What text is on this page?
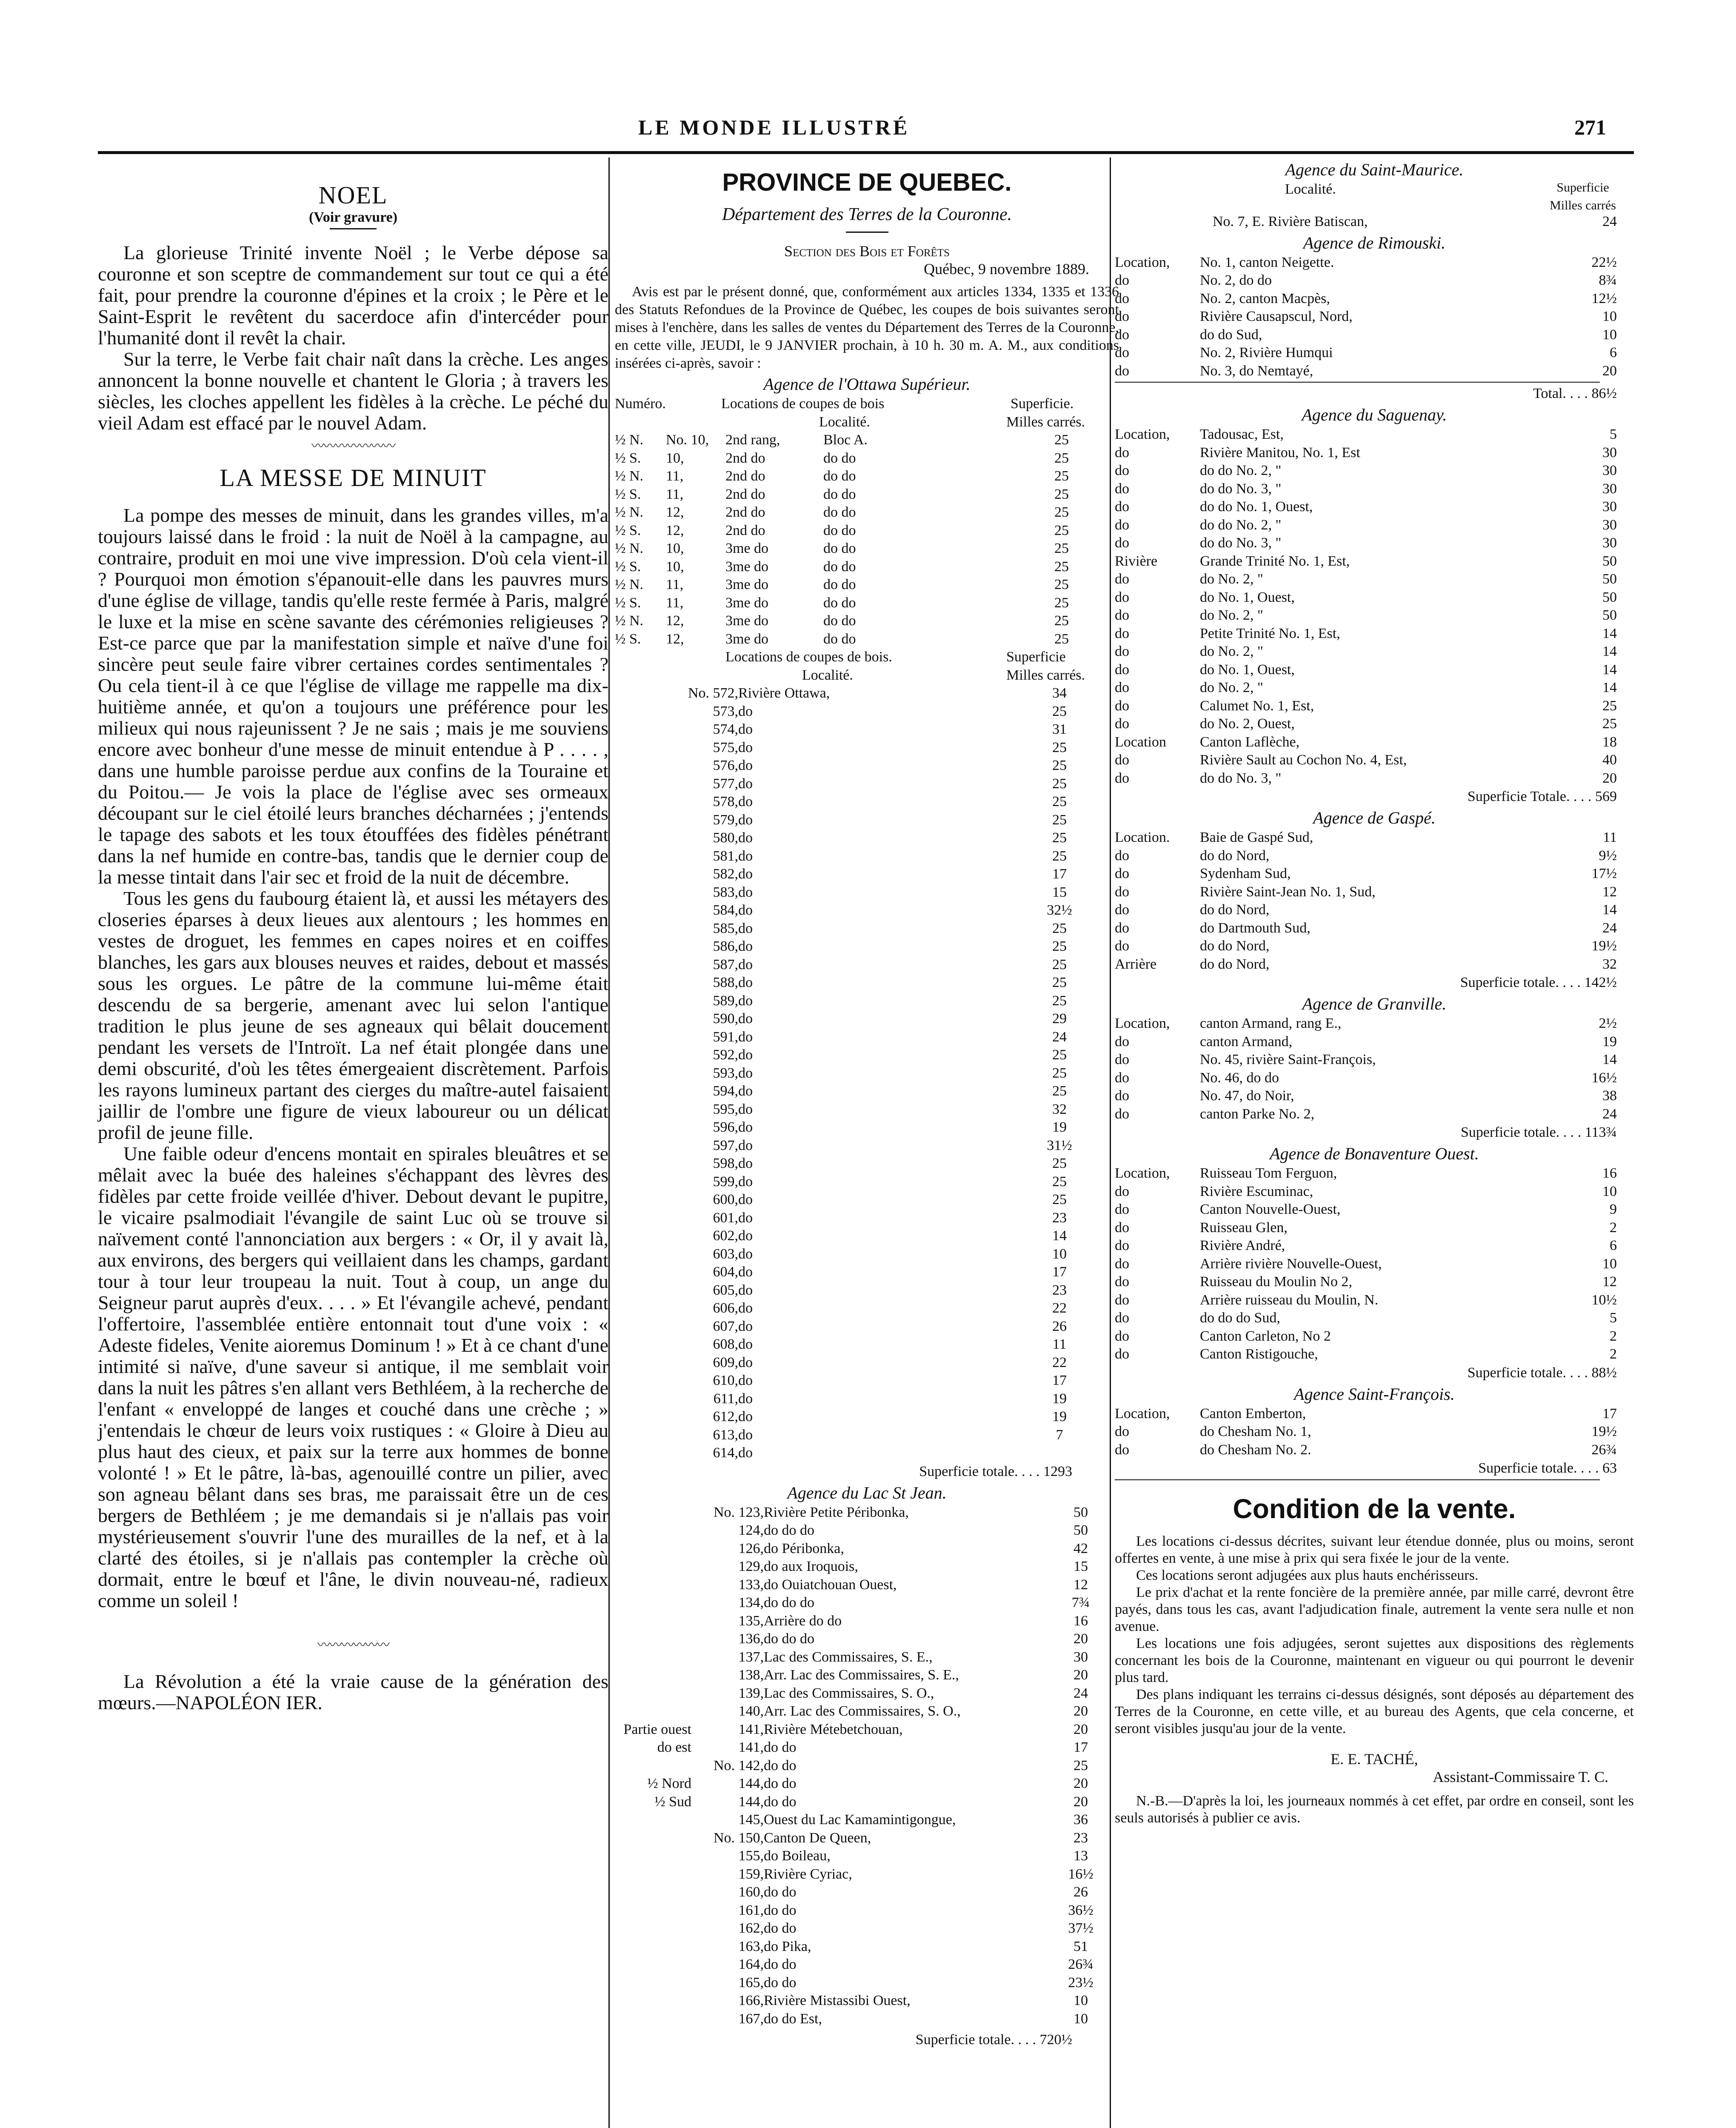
LE MONDE ILLUSTRÉ	271
NOEL
(Voir gravure)

La glorieuse Trinité invente Noël ; le Verbe dépose sa couronne et son sceptre de commandement sur tout ce qui a été fait, pour prendre la couronne d'épines et la croix ; le Père et le Saint-Esprit le revêtent du sacerdoce afin d'intercéder pour l'humanité dont il revêt la chair.

Sur la terre, le Verbe fait chair naît dans la crèche. Les anges annoncent la bonne nouvelle et chantent le Gloria ; à travers les siècles, les cloches appellent les fidèles à la crèche. Le péché du vieil Adam est effacé par le nouvel Adam.

〰〰〰〰〰〰〰
LA MESSE DE MINUIT

La pompe des messes de minuit, dans les grandes villes, m'a toujours laissé dans le froid : la nuit de Noël à la campagne, au contraire, produit en moi une vive impression. D'où cela vient-il ? Pourquoi mon émotion s'épanouit-elle dans les pauvres murs d'une église de village, tandis qu'elle reste fermée à Paris, malgré le luxe et la mise en scène savante des cérémonies religieuses ? Est-ce parce que par la manifestation simple et naïve d'une foi sincère peut seule faire vibrer certaines cordes sentimentales ? Ou cela tient-il à ce que l'église de village me rappelle ma dix-huitième année, et qu'on a toujours une préférence pour les milieux qui nous rajeunissent ? Je ne sais ; mais je me souviens encore avec bonheur d'une messe de minuit entendue à P . . . . , dans une humble paroisse perdue aux confins de la Touraine et du Poitou.— Je vois la place de l'église avec ses ormeaux découpant sur le ciel étoilé leurs branches décharnées ; j'entends le tapage des sabots et les toux étouffées des fidèles pénétrant dans la nef humide en contre-bas, tandis que le dernier coup de la messe tintait dans l'air sec et froid de la nuit de décembre.

Tous les gens du faubourg étaient là, et aussi les métayers des closeries éparses à deux lieues aux alentours ; les hommes en vestes de droguet, les femmes en capes noires et en coiffes blanches, les gars aux blouses neuves et raides, debout et massés sous les orgues. Le pâtre de la commune lui-même était descendu de sa bergerie, amenant avec lui selon l'antique tradition le plus jeune de ses agneaux qui bêlait doucement pendant les versets de l'Introït. La nef était plongée dans une demi obscurité, d'où les têtes émergeaient discrètement. Parfois les rayons lumineux partant des cierges du maître-autel faisaient jaillir de l'ombre une figure de vieux laboureur ou un délicat profil de jeune fille.

Une faible odeur d'encens montait en spirales bleuâtres et se mêlait avec la buée des haleines s'échappant des lèvres des fidèles par cette froide veillée d'hiver. Debout devant le pupitre, le vicaire psalmodiait l'évangile de saint Luc où se trouve si naïvement conté l'annonciation aux bergers : « Or, il y avait là, aux environs, des bergers qui veillaient dans les champs, gardant tour à tour leur troupeau la nuit. Tout à coup, un ange du Seigneur parut auprès d'eux. . . . » Et l'évangile achevé, pendant l'offertoire, l'assemblée entière entonnait tout d'une voix : « Adeste fideles, Venite aioremus Dominum ! » Et à ce chant d'une intimité si naïve, d'une saveur si antique, il me semblait voir dans la nuit les pâtres s'en allant vers Bethléem, à la recherche de l'enfant « enveloppé de langes et couché dans une crèche ; » j'entendais le chœur de leurs voix rustiques : « Gloire à Dieu au plus haut des cieux, et paix sur la terre aux hommes de bonne volonté ! » Et le pâtre, là-bas, agenouillé contre un pilier, avec son agneau bêlant dans ses bras, me paraissait être un de ces bergers de Bethléem ; je me demandais si je n'allais pas voir mystérieusement s'ouvrir l'une des murailles de la nef, et à la clarté des étoiles, si je n'allais pas contempler la crèche où dormait, entre le bœuf et l'âne, le divin nouveau-né, radieux comme un soleil !

〰〰〰〰〰〰

La Révolution a été la vraie cause de la génération des mœurs.—NAPOLÉON IER.

PROVINCE DE QUEBEC.
Département des Terres de la Couronne.
Section des Bois et Forêts
Québec, 9 novembre 1889.
Avis est par le présent donné, que, conformément aux articles 1334, 1335 et 1336 des Statuts Refondues de la Province de Québec, les coupes de bois suivantes seront mises à l'enchère, dans les salles de ventes du Département des Terres de la Couronne, en cette ville, JEUDI, le 9 JANVIER prochain, à 10 h. 30 m. A. M., aux conditions insérées ci-après, savoir :
Agence de l'Ottawa Supérieur.
Numéro.	Locations de coupes de bois	Superficie.
Localité.	Milles carrés.
½ N.	No. 10,	2nd rang,	Bloc A.	25
½ S.	10,	2nd do	do do	25
½ N.	11,	2nd do	do do	25
½ S.	11,	2nd do	do do	25
½ N.	12,	2nd do	do do	25
½ S.	12,	2nd do	do do	25
½ N.	10,	3me do	do do	25
½ S.	10,	3me do	do do	25
½ N.	11,	3me do	do do	25
½ S.	11,	3me do	do do	25
½ N.	12,	3me do	do do	25
½ S.	12,	3me do	do do	25
Locations de coupes de bois.	Superficie
Localité.	Milles carrés.
No. 572, Rivière Ottawa,	34
573, do	25
574, do	31
575, do	25
576, do	25
577, do	25
578, do	25
579, do	25
580, do	25
581, do	25
582, do	17
583, do	15
584, do	32½
585, do	25
586, do	25
587, do	25
588, do	25
589, do	25
590, do	29
591, do	24
592, do	25
593, do	25
594, do	25
595, do	32
596, do	19
597, do	31½
598, do	25
599, do	25
600, do	25
601, do	23
602, do	14
603, do	10
604, do	17
605, do	23
606, do	22
607, do	26
608, do	11
609, do	22
610, do	17
611, do	19
612, do	19
613, do	7
614, do
Superficie totale. . . . 1293
Agence du Lac St Jean.
No. 123, Rivière Petite Péribonka,	50
124, do do do	50
126, do Péribonka,	42
129, do aux Iroquois,	15
133, do Ouiatchouan Ouest,	12
134, do do do	7¾
135, Arrière do do	16
136, do do do	20
137, Lac des Commissaires, S. E.,	30
138, Arr. Lac des Commissaires, S. E.,	20
139, Lac des Commissaires, S. O.,	24
140, Arr. Lac des Commissaires, S. O.,	20
Partie ouest	141, Rivière Métebetchouan,	20
do est	141, do do	17
No. 142, do do	25
½ Nord	144, do do	20
½ Sud	144, do do	20
145, Ouest du Lac Kamamintigongue,	36
No. 150, Canton De Queen,	23
155, do Boileau,	13
159, Rivière Cyriac,	16½
160, do do	26
161, do do	36½
162, do do	37½
163, do Pika,	51
164, do do	26¾
165, do do	23½
166, Rivière Mistassibi Ouest,	10
167, do do Est,	10
Superficie totale. . . . 720½
Agence du Saint-Maurice.
Localité.	Superficie
Milles carrés
No. 7, E. Rivière Batiscan,	24
Agence de Rimouski.
Location,	No. 1, canton Neigette.	22½
do	No. 2, do do	8¾
do	No. 2, canton Macpès,	12½
do	Rivière Causapscul, Nord,	10
do	do do Sud,	10
do	No. 2, Rivière Humqui	6
do	No. 3, do Nemtayé,	20
Total. . . . 86½
Agence du Saguenay.
Location,	Tadousac, Est,	5
do	Rivière Manitou, No. 1, Est	30
do	do do No. 2, "	30
do	do do No. 3, "	30
do	do do No. 1, Ouest,	30
do	do do No. 2, "	30
do	do do No. 3, "	30
Rivière	Grande Trinité No. 1, Est,	50
do	do No. 2, "	50
do	do No. 1, Ouest,	50
do	do No. 2, "	50
do	Petite Trinité No. 1, Est,	14
do	do No. 2, "	14
do	do No. 1, Ouest,	14
do	do No. 2, "	14
do	Calumet No. 1, Est,	25
do	do No. 2, Ouest,	25
Location	Canton Laflèche,	18
do	Rivière Sault au Cochon No. 4, Est,	40
do	do do No. 3, "	20
Superficie Totale. . . . 569
Agence de Gaspé.
Location.	Baie de Gaspé Sud,	11
do	do do Nord,	9½
do	Sydenham Sud,	17½
do	Rivière Saint-Jean No. 1, Sud,	12
do	do do Nord,	14
do	do Dartmouth Sud,	24
do	do do Nord,	19½
Arrière	do do Nord,	32
Superficie totale. . . . 142½
Agence de Granville.
Location,	canton Armand, rang E.,	2½
do	canton Armand,	19
do	No. 45, rivière Saint-François,	14
do	No. 46, do do	16½
do	No. 47, do Noir,	38
do	canton Parke No. 2,	24
Superficie totale. . . . 113¾
Agence de Bonaventure Ouest.
Location,	Ruisseau Tom Ferguon,	16
do	Rivière Escuminac,	10
do	Canton Nouvelle-Ouest,	9
do	Ruisseau Glen,	2
do	Rivière André,	6
do	Arrière rivière Nouvelle-Ouest,	10
do	Ruisseau du Moulin No 2,	12
do	Arrière ruisseau du Moulin, N.	10½
do	do do do Sud,	5
do	Canton Carleton, No 2	2
do	Canton Ristigouche,	2
Superficie totale. . . . 88½
Agence Saint-François.
Location,	Canton Emberton,	17
do	do Chesham No. 1,	19½
do	do Chesham No. 2.	26¾
Superficie totale. . . . 63
Condition de la vente.

Les locations ci-dessus décrites, suivant leur étendue donnée, plus ou moins, seront offertes en vente, à une mise à prix qui sera fixée le jour de la vente.

Ces locations seront adjugées aux plus hauts enchérisseurs.

Le prix d'achat et la rente foncière de la première année, par mille carré, devront être payés, dans tous les cas, avant l'adjudication finale, autrement la vente sera nulle et non avenue.

Les locations une fois adjugées, seront sujettes aux dispositions des règlements concernant les bois de la Couronne, maintenant en vigueur ou qui pourront le devenir plus tard.

Des plans indiquant les terrains ci-dessus désignés, sont déposés au département des Terres de la Couronne, en cette ville, et au bureau des Agents, que cela concerne, et seront visibles jusqu'au jour de la vente.

E. E. TACHÉ,
Assistant-Commissaire T. C.

N.-B.—D'après la loi, les journeaux nommés à cet effet, par ordre en conseil, sont les seuls autorisés à publier ce avis.
